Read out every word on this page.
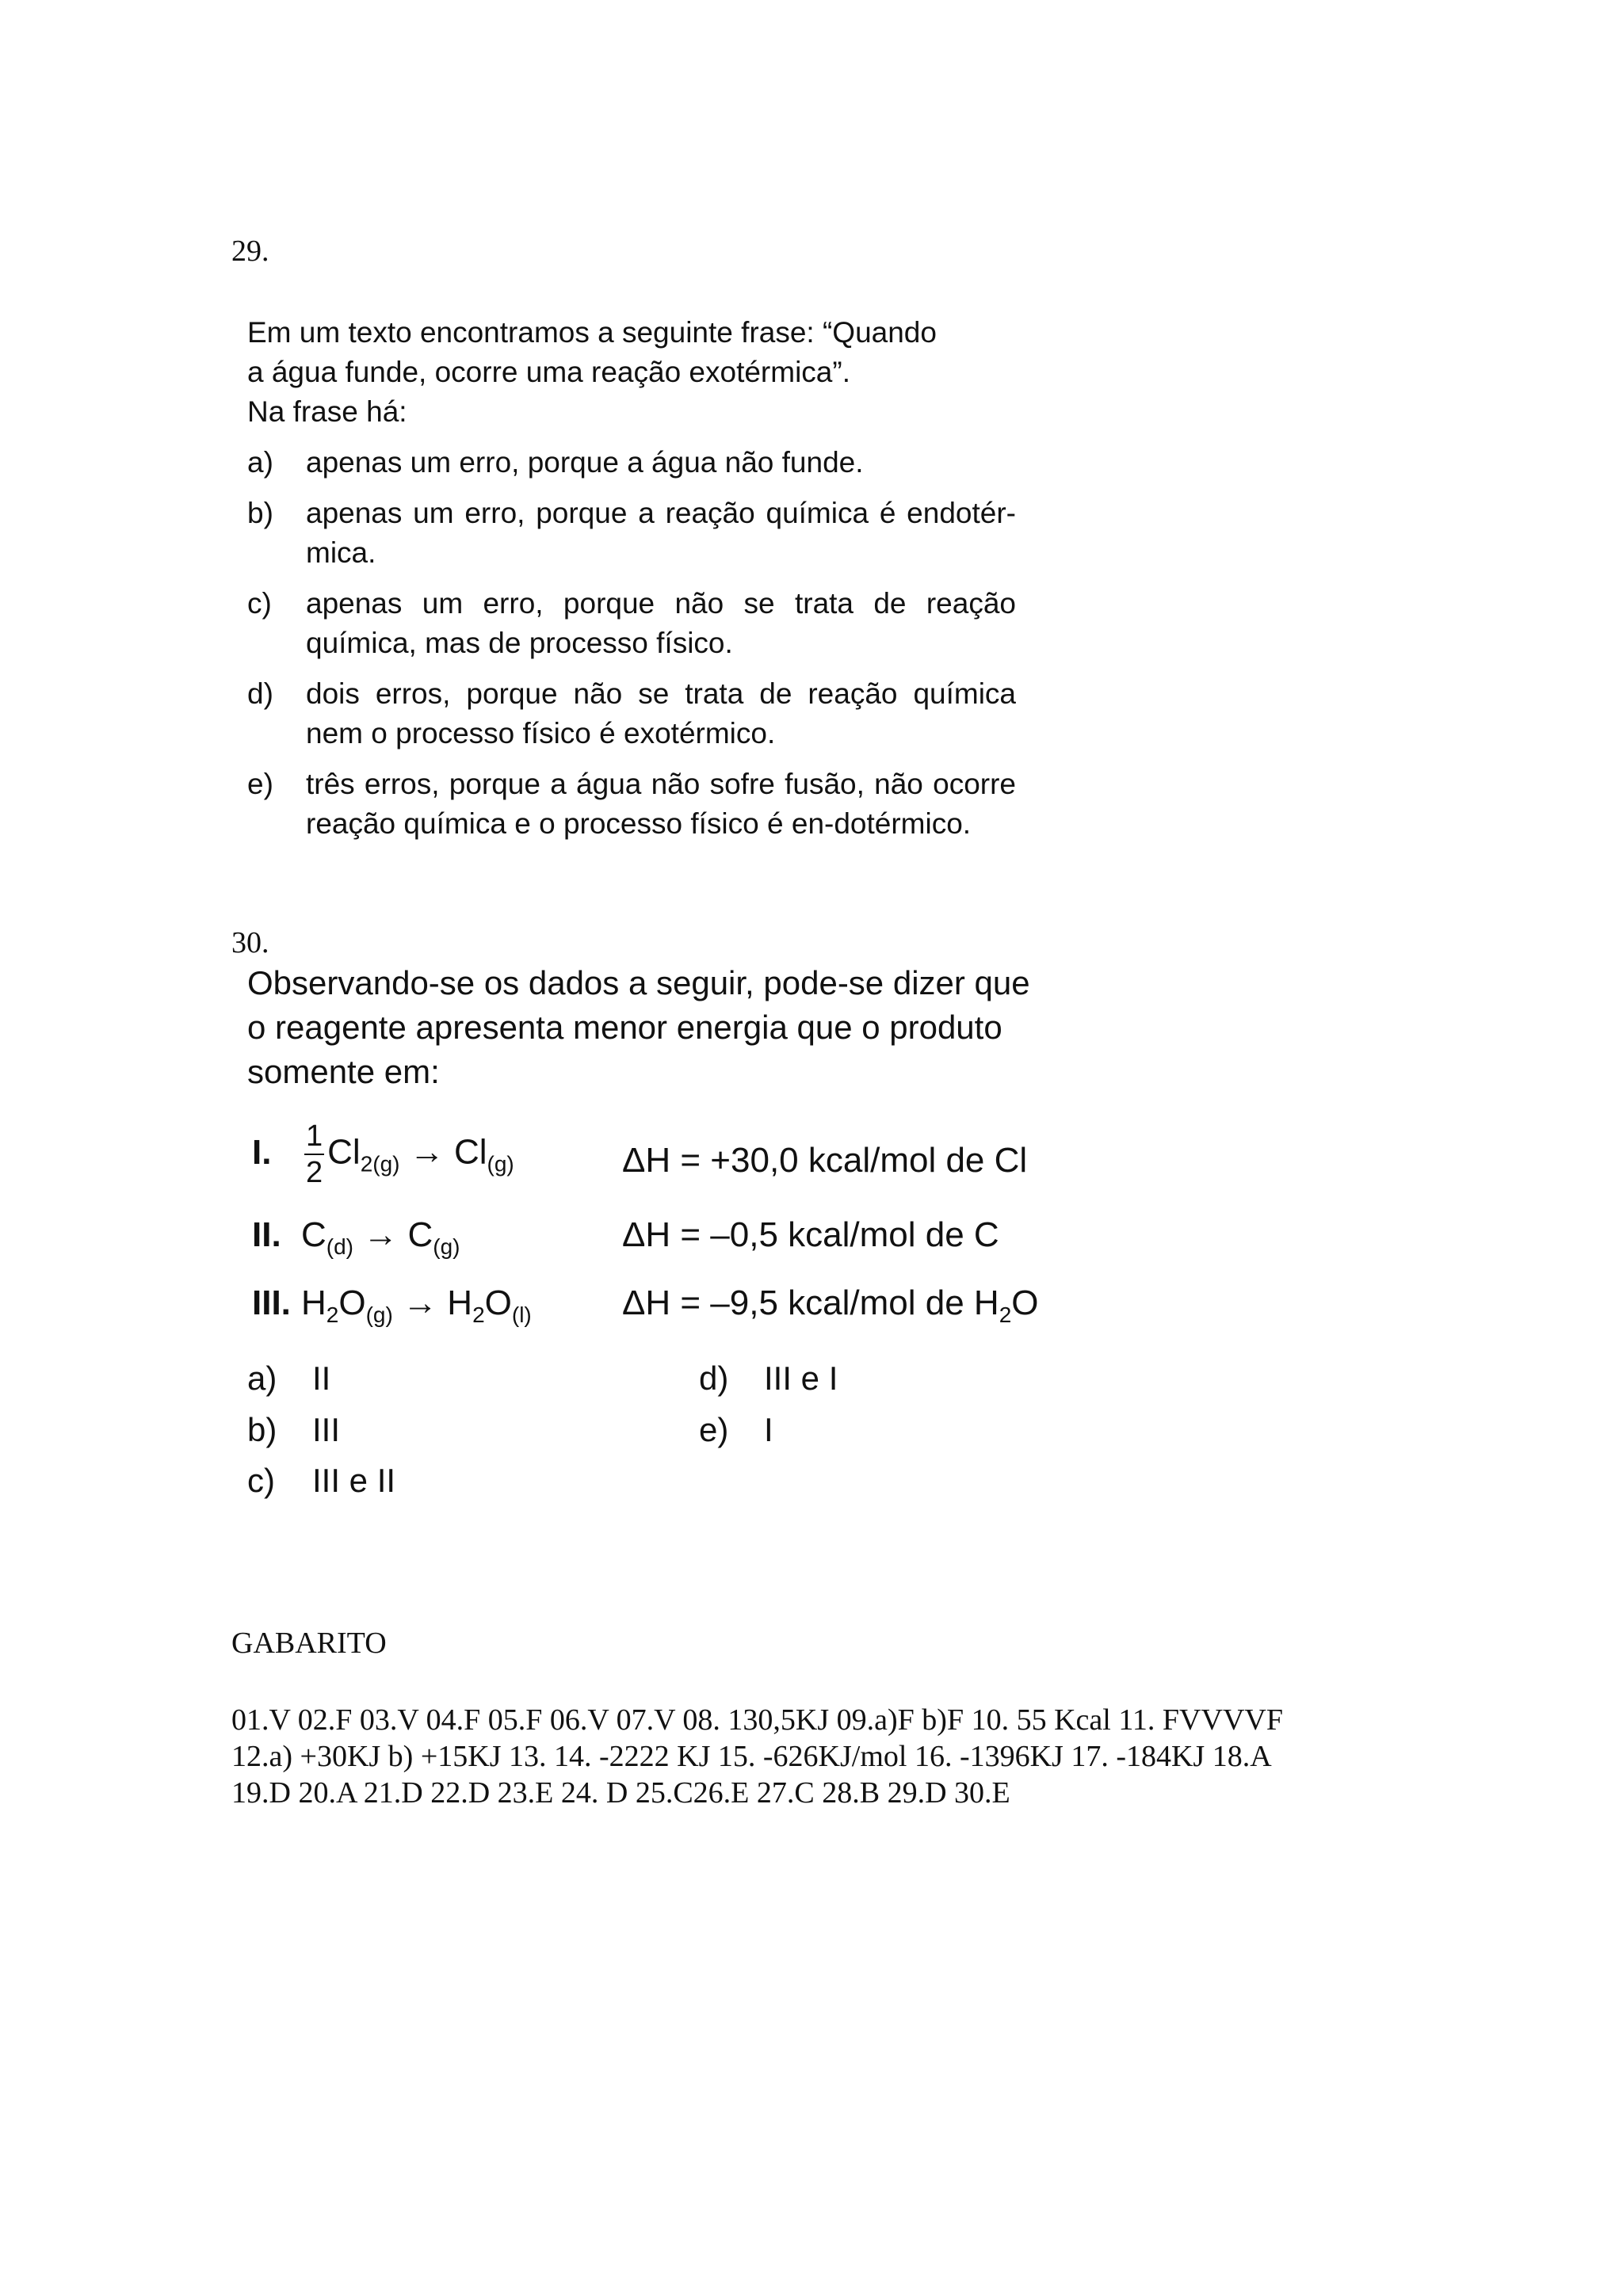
29.
Em um texto encontramos a seguinte frase: “Quando
a água funde, ocorre uma reação exotérmica”.
Na frase há:
a)	apenas um erro, porque a água não funde.
b)	apenas um erro, porque a reação química é endotér-mica.
c)	apenas um erro, porque não se trata de reação química, mas de processo físico.
d)	dois erros, porque não se trata de reação química nem o processo físico é exotérmico.
e)	três erros, porque a água não sofre fusão, não ocorre reação química e o processo físico é en-dotérmico.
30.
Observando-se os dados a seguir, pode-se dizer que
o reagente apresenta menor energia que o produto
somente em:
I. $\frac{1}{2} Cl_{2(g)} \to Cl_{(g)}$	ΔH = +30,0 kcal/mol de Cl
II. $C_{(d)} \to C_{(g)}$	ΔH = –0,5 kcal/mol de C
III. $H_2O_{(g)} \to H_2O_{(l)}$	ΔH = –9,5 kcal/mol de $H_2O$
a) II
b) III
c) III e II
d) III e I
e) I
GABARITO
01.V 02.F 03.V 04.F 05.F 06.V 07.V 08. 130,5KJ 09.a)F b)F 10. 55 Kcal 11. FVVVVF
12.a) +30KJ b) +15KJ 13. 14. -2222 KJ 15. -626KJ/mol 16. -1396KJ 17. -184KJ 18.A
19.D 20.A 21.D 22.D 23.E 24. D 25.C26.E 27.C 28.B 29.D 30.E
